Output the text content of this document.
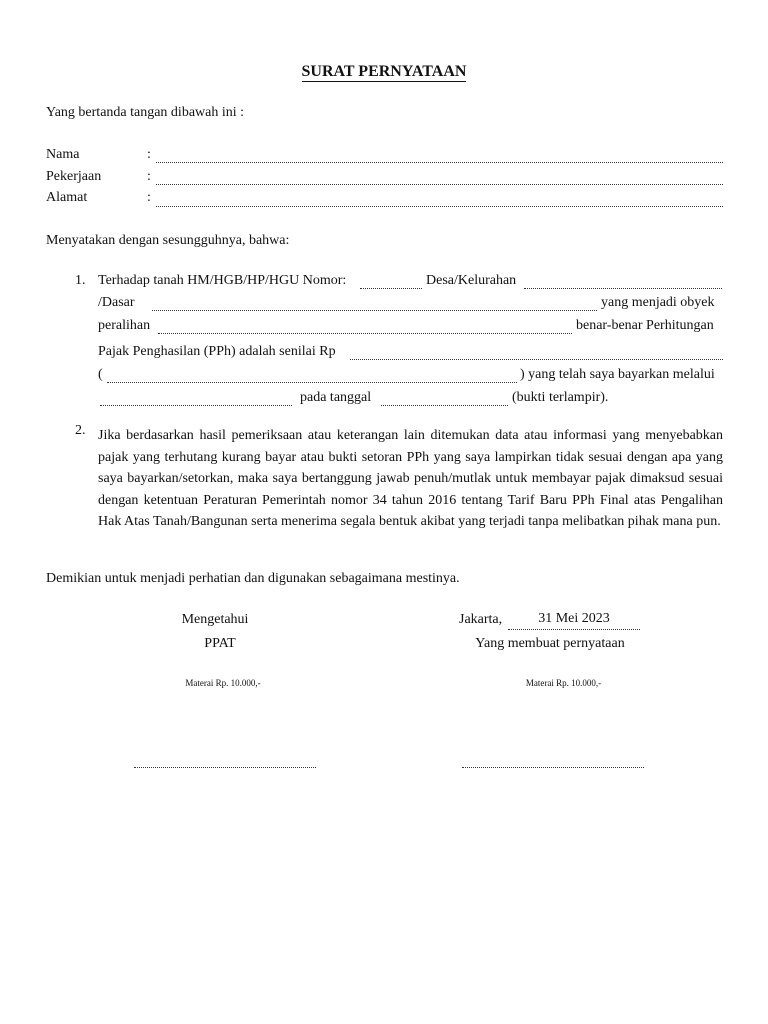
SURAT PERNYATAAN
Yang bertanda tangan dibawah ini :
Nama	:
Pekerjaan	:
Alamat	:
Menyatakan dengan sesungguhnya, bahwa:
1. Terhadap tanah HM/HGB/HP/HGU Nomor:	Desa/Kelurahan
/Dasar	yang menjadi obyek
peralihan	benar-benar Perhitungan
Pajak Penghasilan (PPh) adalah senilai Rp
(	) yang telah saya bayarkan melalui
pada tanggal	(bukti terlampir).
2. Jika berdasarkan hasil pemeriksaan atau keterangan lain ditemukan data atau informasi yang menyebabkan pajak yang terhutang kurang bayar atau bukti setoran PPh yang saya lampirkan tidak sesuai dengan apa yang saya bayarkan/setorkan, maka saya bertanggung jawab penuh/mutlak untuk membayar pajak dimaksud sesuai dengan ketentuan Peraturan Pemerintah nomor 34 tahun 2016 tentang Tarif Baru PPh Final atas Pengalihan Hak Atas Tanah/Bangunan serta menerima segala bentuk akibat yang terjadi tanpa melibatkan pihak mana pun.
Demikian untuk menjadi perhatian dan digunakan sebagaimana mestinya.
Mengetahui
PPAT
Materai Rp. 10.000,-
Jakarta,	31 Mei 2023
Yang membuat pernyataan
Materai Rp. 10.000,-
